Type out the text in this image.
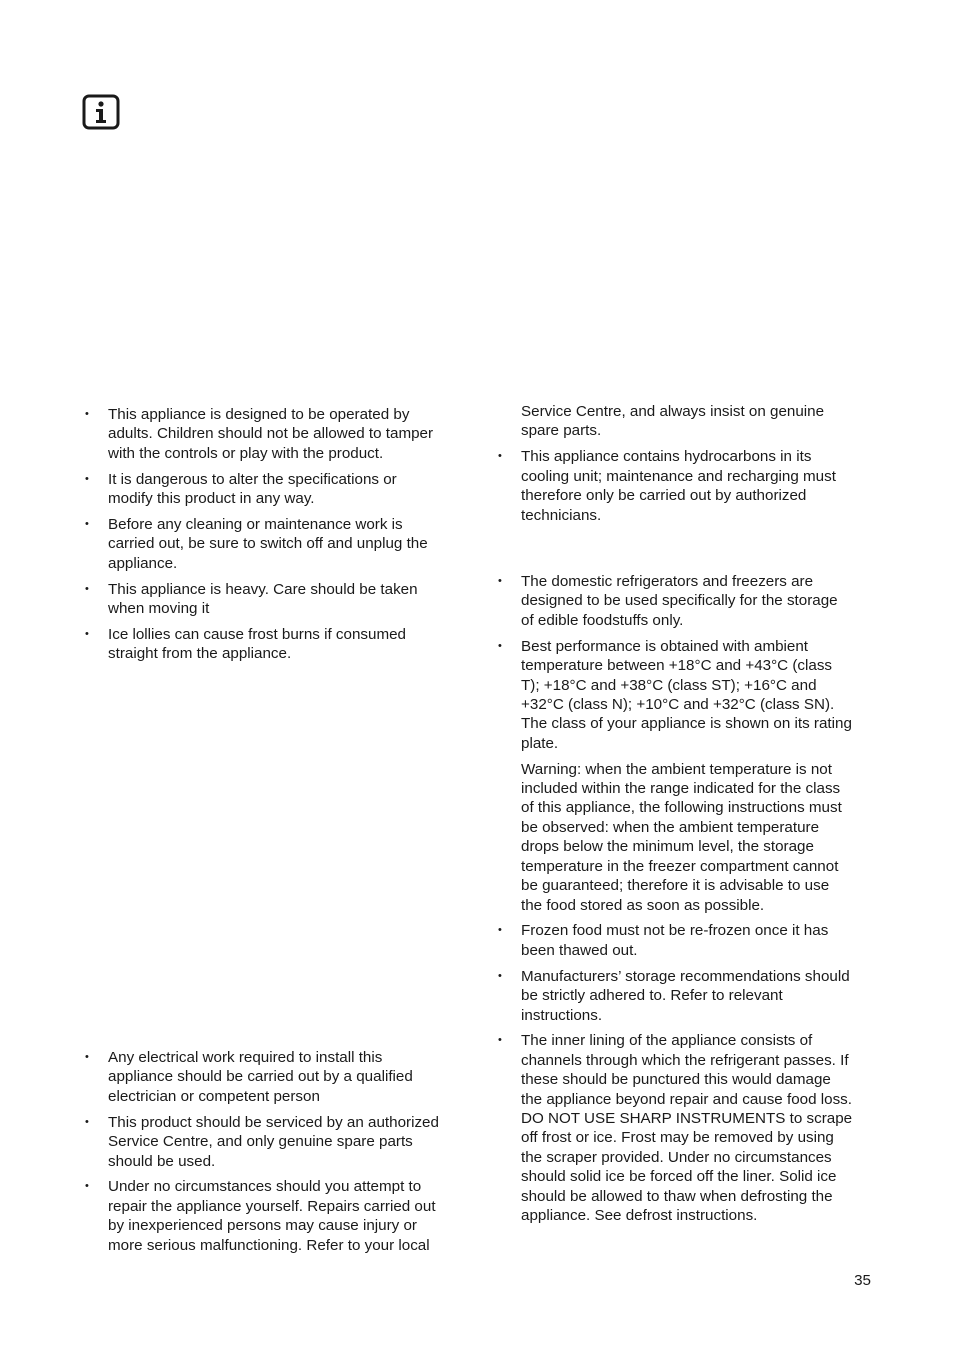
• This appliance is designed to be operated by adults. Children should not be allowed to tamper with the controls or play with the product.
• It is dangerous to alter the specifications or modify this product in any way.
• Before any cleaning or maintenance work is carried out, be sure to switch off and unplug the appliance.
• This appliance is heavy. Care should be taken when moving it
• Ice lollies can cause frost burns if consumed straight from the appliance.
• Any electrical work required to install this appliance should be carried out by a qualified electrician or competent person
• This product should be serviced by an authorized Service Centre, and only genuine spare parts should be used.
• Under no circumstances should you attempt to repair the appliance yourself. Repairs carried out by inexperienced persons may cause injury or more serious malfunctioning. Refer to your local

Service Centre, and always insist on genuine spare parts.

• This appliance contains hydrocarbons in its cooling unit; maintenance and recharging must therefore only be carried out by authorized technicians.
• The domestic refrigerators and freezers are designed to be used specifically for the storage of edible foodstuffs only.
• Best performance is obtained with ambient temperature between +18°C and +43°C (class T); +18°C and +38°C (class ST); +16°C and +32°C (class N); +10°C and +32°C (class SN). The class of your appliance is shown on its rating plate.

Warning: when the ambient temperature is not included within the range indicated for the class of this appliance, the following instructions must be observed: when the ambient temperature drops below the minimum level, the storage temperature in the freezer compartment cannot be guaranteed; therefore it is advisable to use the food stored as soon as possible.

• Frozen food must not be re-frozen once it has been thawed out.
• Manufacturers’ storage recommendations should be strictly adhered to. Refer to relevant instructions.
• The inner lining of the appliance consists of channels through which the refrigerant passes. If these should be punctured this would damage the appliance beyond repair and cause food loss. DO NOT USE SHARP INSTRUMENTS to scrape off frost or ice. Frost may be removed by using the scraper provided. Under no circumstances should solid ice be forced off the liner. Solid ice should be allowed to thaw when defrosting the appliance. See defrost instructions.
35
